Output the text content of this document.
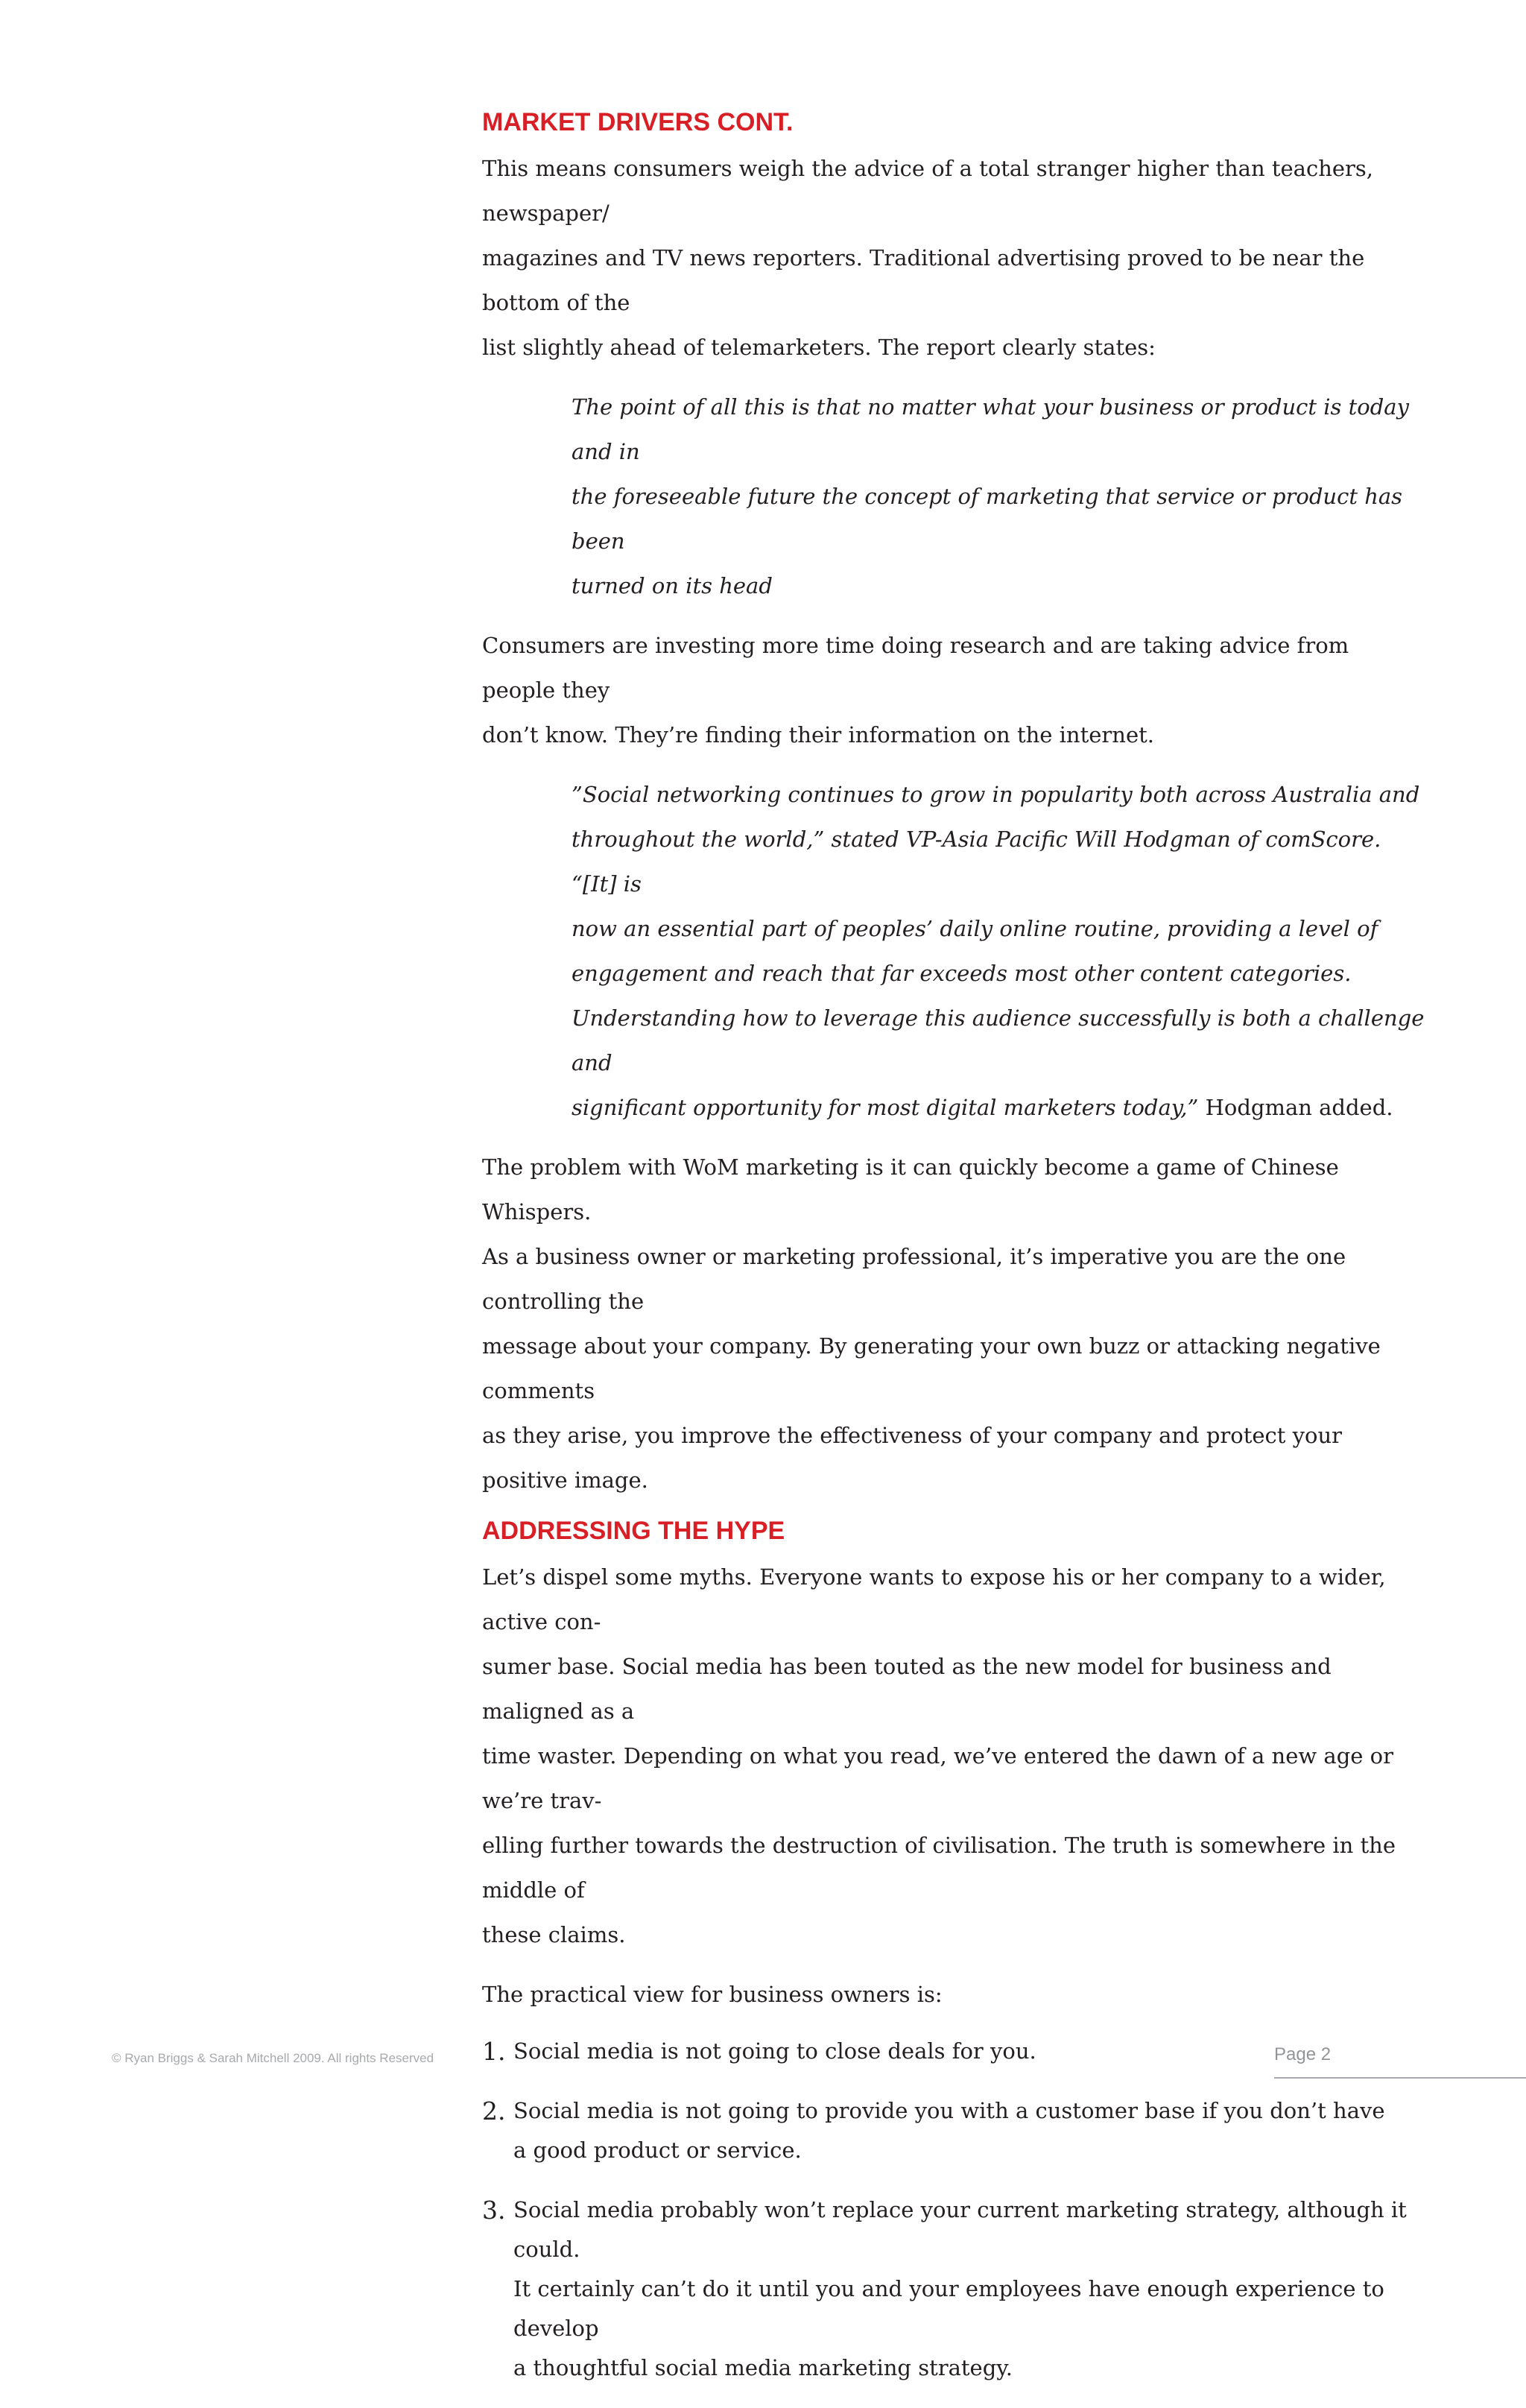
MARKET DRIVERS CONT.
This means consumers weigh the advice of a total stranger higher than teachers, newspaper/
magazines and TV news reporters. Traditional advertising proved to be near the bottom of the
list slightly ahead of telemarketers. The report clearly states:
The point of all this is that no matter what your business or product is today and in
the foreseeable future the concept of marketing that service or product has been
turned on its head
Consumers are investing more time doing research and are taking advice from people they
don’t know. They’re finding their information on the internet.
”Social networking continues to grow in popularity both across Australia and
throughout the world,” stated VP-Asia Pacific Will Hodgman of comScore. “[It] is
now an essential part of peoples’ daily online routine, providing a level of
engagement and reach that far exceeds most other content categories.
Understanding how to leverage this audience successfully is both a challenge and
significant opportunity for most digital marketers today,” Hodgman added.
The problem with WoM marketing is it can quickly become a game of Chinese Whispers.
As a business owner or marketing professional, it’s imperative you are the one controlling the
message about your company. By generating your own buzz or attacking negative comments
as they arise, you improve the effectiveness of your company and protect your positive image.
ADDRESSING THE HYPE
Let’s dispel some myths. Everyone wants to expose his or her company to a wider, active con-
sumer base. Social media has been touted as the new model for business and maligned as a
time waster. Depending on what you read, we’ve entered the dawn of a new age or we’re trav-
elling further towards the destruction of civilisation. The truth is somewhere in the middle of
these claims.
The practical view for business owners is:
1. Social media is not going to close deals for you.
2. Social media is not going to provide you with a customer base if you don’t have
a good product or service.
3. Social media probably won’t replace your current marketing strategy, although it could.
It certainly can’t do it until you and your employees have enough experience to develop
a thoughtful social media marketing strategy.
© Ryan Briggs & Sarah Mitchell 2009. All rights Reserved	Page 2
